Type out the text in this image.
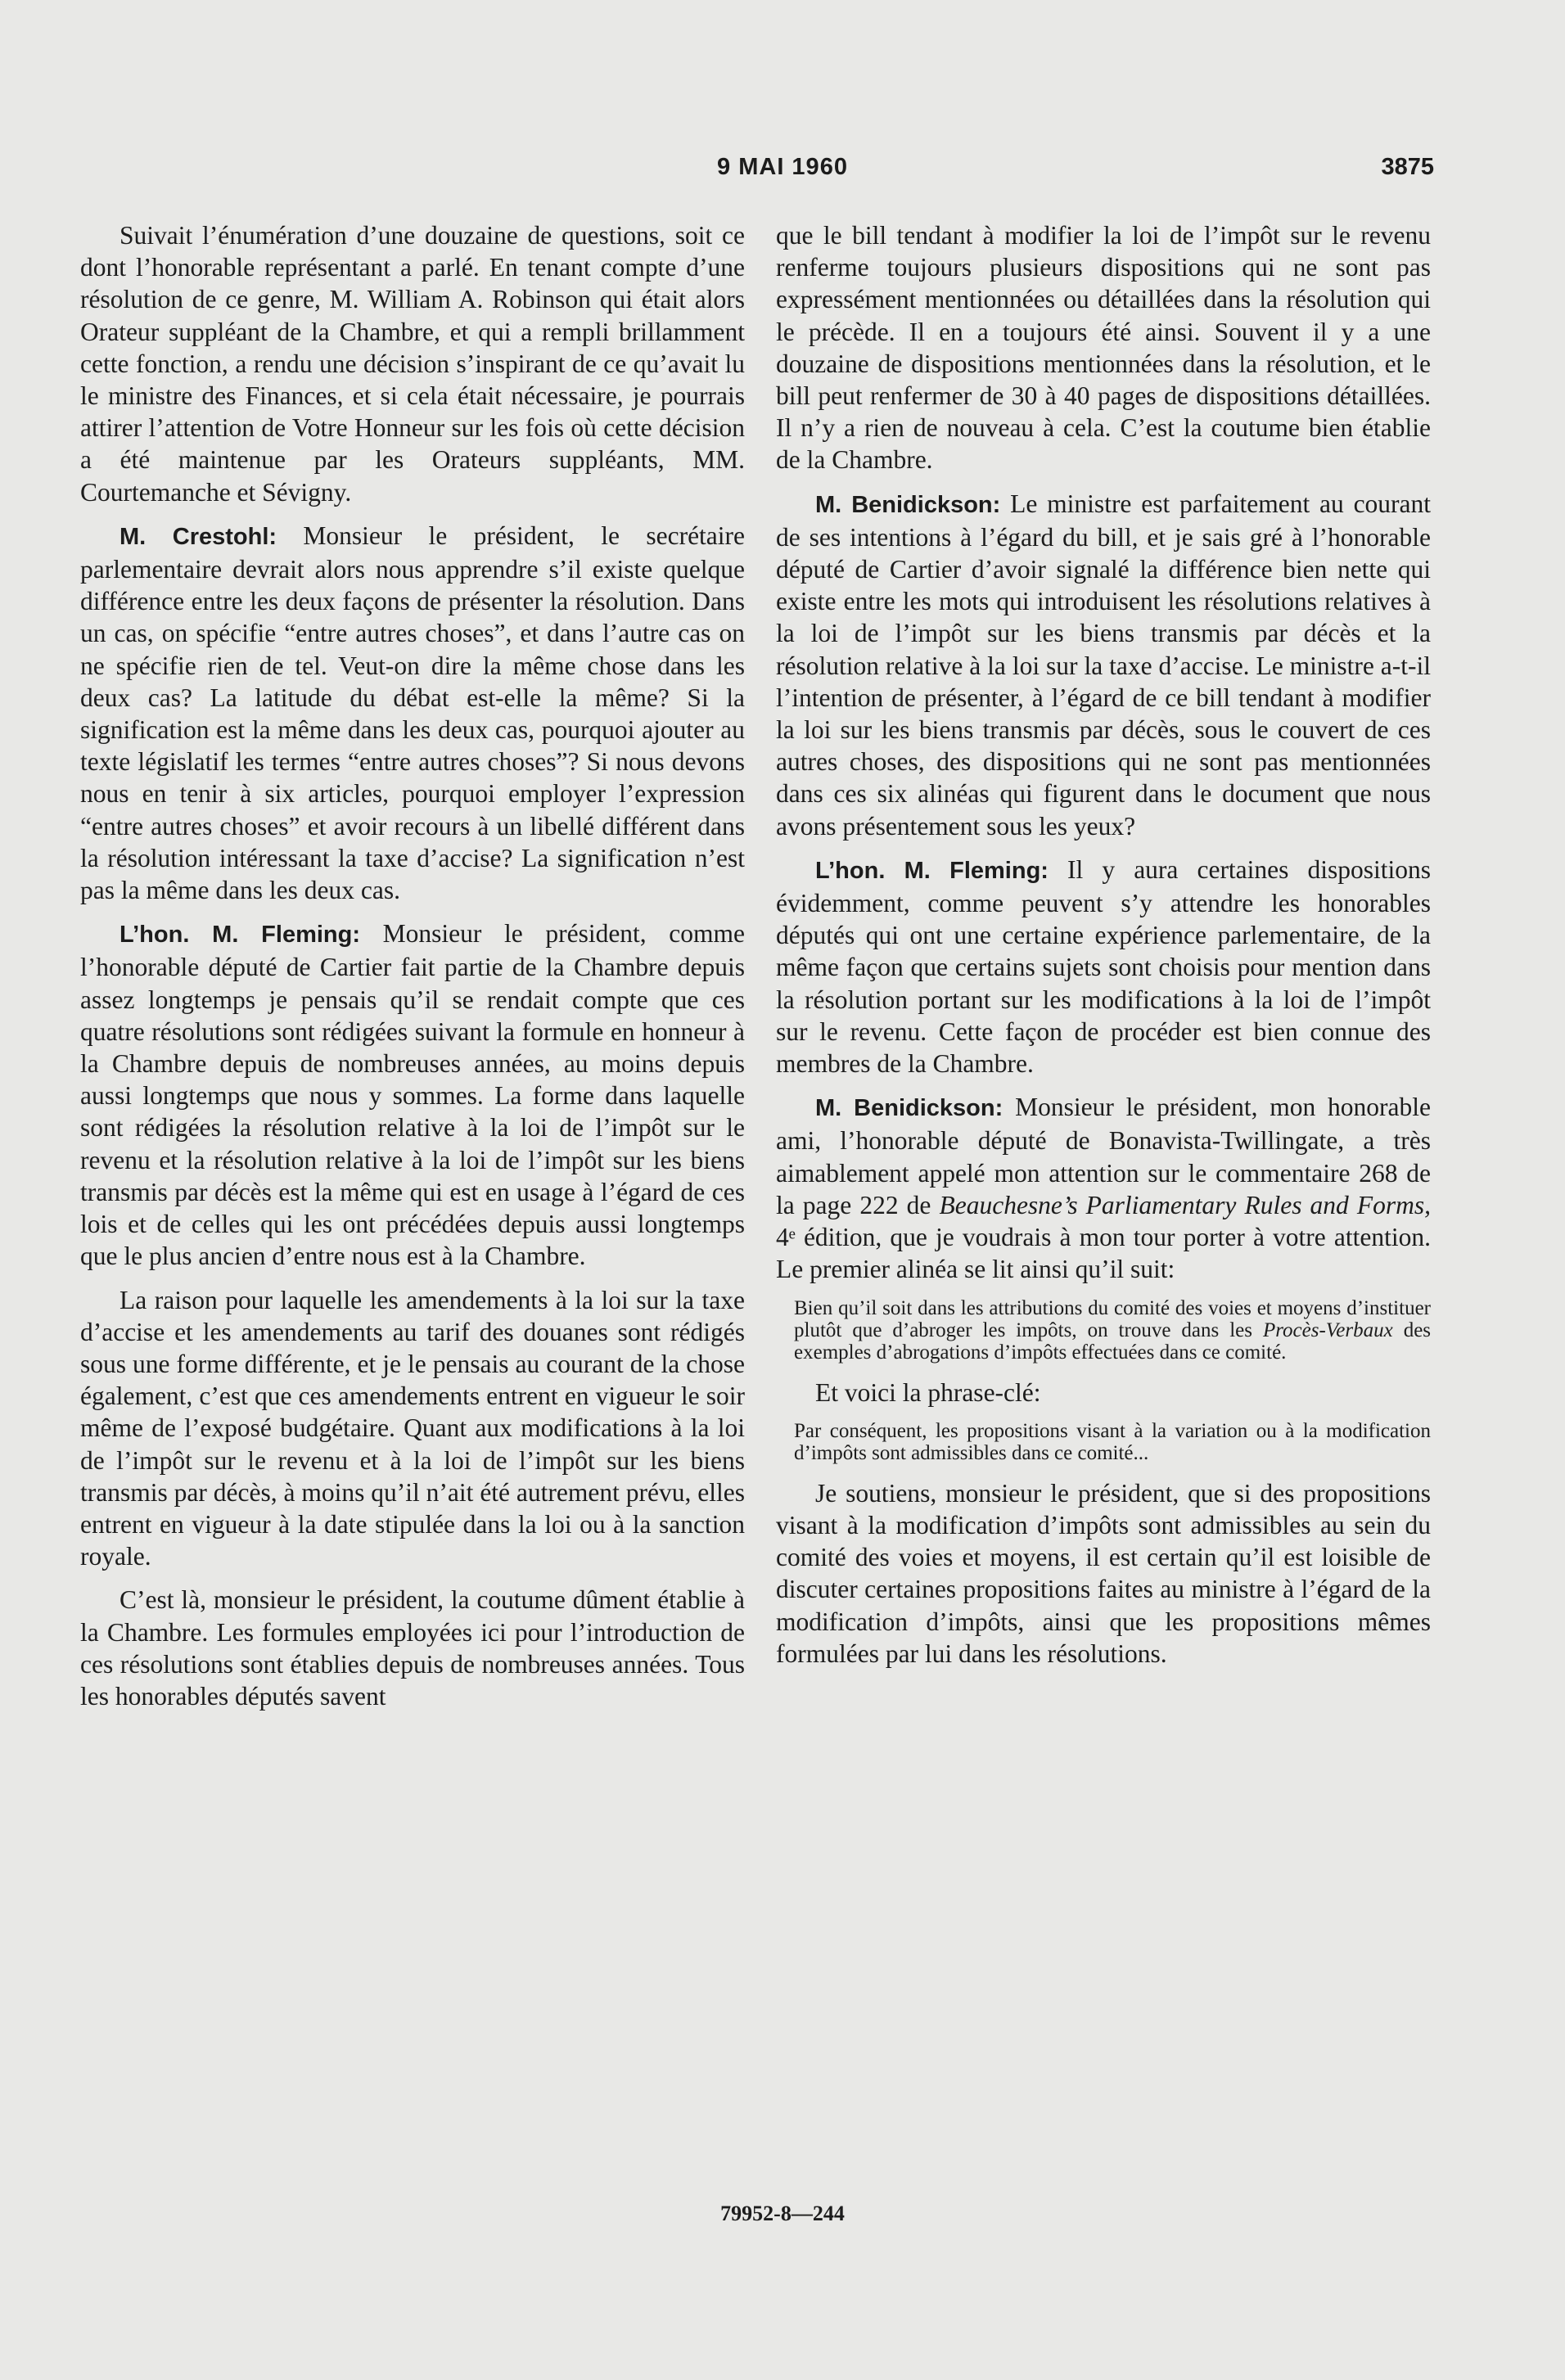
9 MAI 1960	3875

Suivait l’énumération d’une douzaine de questions, soit ce dont l’honorable représentant a parlé. En tenant compte d’une résolution de ce genre, M. William A. Robinson qui était alors Orateur suppléant de la Chambre, et qui a rempli brillamment cette fonction, a rendu une décision s’inspirant de ce qu’avait lu le ministre des Finances, et si cela était nécessaire, je pourrais attirer l’attention de Votre Honneur sur les fois où cette décision a été maintenue par les Orateurs suppléants, MM. Courtemanche et Sévigny.

M. Crestohl: Monsieur le président, le secrétaire parlementaire devrait alors nous apprendre s’il existe quelque différence entre les deux façons de présenter la résolution. Dans un cas, on spécifie “entre autres choses”, et dans l’autre cas on ne spécifie rien de tel. Veut-on dire la même chose dans les deux cas? La latitude du débat est-elle la même? Si la signification est la même dans les deux cas, pourquoi ajouter au texte législatif les termes “entre autres choses”? Si nous devons nous en tenir à six articles, pourquoi employer l’expression “entre autres choses” et avoir recours à un libellé différent dans la résolution intéressant la taxe d’accise? La signification n’est pas la même dans les deux cas.

L’hon. M. Fleming: Monsieur le président, comme l’honorable député de Cartier fait partie de la Chambre depuis assez longtemps je pensais qu’il se rendait compte que ces quatre résolutions sont rédigées suivant la formule en honneur à la Chambre depuis de nombreuses années, au moins depuis aussi longtemps que nous y sommes. La forme dans laquelle sont rédigées la résolution relative à la loi de l’impôt sur le revenu et la résolution relative à la loi de l’impôt sur les biens transmis par décès est la même qui est en usage à l’égard de ces lois et de celles qui les ont précédées depuis aussi longtemps que le plus ancien d’entre nous est à la Chambre.

La raison pour laquelle les amendements à la loi sur la taxe d’accise et les amendements au tarif des douanes sont rédigés sous une forme différente, et je le pensais au courant de la chose également, c’est que ces amendements entrent en vigueur le soir même de l’exposé budgétaire. Quant aux modifications à la loi de l’impôt sur le revenu et à la loi de l’impôt sur les biens transmis par décès, à moins qu’il n’ait été autrement prévu, elles entrent en vigueur à la date stipulée dans la loi ou à la sanction royale.

C’est là, monsieur le président, la coutume dûment établie à la Chambre. Les formules employées ici pour l’introduction de ces résolutions sont établies depuis de nombreuses années. Tous les honorables députés savent

que le bill tendant à modifier la loi de l’impôt sur le revenu renferme toujours plusieurs dispositions qui ne sont pas expressément mentionnées ou détaillées dans la résolution qui le précède. Il en a toujours été ainsi. Souvent il y a une douzaine de dispositions mentionnées dans la résolution, et le bill peut renfermer de 30 à 40 pages de dispositions détaillées. Il n’y a rien de nouveau à cela. C’est la coutume bien établie de la Chambre.

M. Benidickson: Le ministre est parfaitement au courant de ses intentions à l’égard du bill, et je sais gré à l’honorable député de Cartier d’avoir signalé la différence bien nette qui existe entre les mots qui introduisent les résolutions relatives à la loi de l’impôt sur les biens transmis par décès et la résolution relative à la loi sur la taxe d’accise. Le ministre a-t-il l’intention de présenter, à l’égard de ce bill tendant à modifier la loi sur les biens transmis par décès, sous le couvert de ces autres choses, des dispositions qui ne sont pas mentionnées dans ces six alinéas qui figurent dans le document que nous avons présentement sous les yeux?

L’hon. M. Fleming: Il y aura certaines dispositions évidemment, comme peuvent s’y attendre les honorables députés qui ont une certaine expérience parlementaire, de la même façon que certains sujets sont choisis pour mention dans la résolution portant sur les modifications à la loi de l’impôt sur le revenu. Cette façon de procéder est bien connue des membres de la Chambre.

M. Benidickson: Monsieur le président, mon honorable ami, l’honorable député de Bonavista-Twillingate, a très aimablement appelé mon attention sur le commentaire 268 de la page 222 de Beauchesne’s Parliamentary Rules and Forms, 4ᵉ édition, que je voudrais à mon tour porter à votre attention. Le premier alinéa se lit ainsi qu’il suit:

Bien qu’il soit dans les attributions du comité des voies et moyens d’instituer plutôt que d’abroger les impôts, on trouve dans les Procès-Verbaux des exemples d’abrogations d’impôts effectuées dans ce comité.

Et voici la phrase-clé:

Par conséquent, les propositions visant à la variation ou à la modification d’impôts sont admissibles dans ce comité...

Je soutiens, monsieur le président, que si des propositions visant à la modification d’impôts sont admissibles au sein du comité des voies et moyens, il est certain qu’il est loisible de discuter certaines propositions faites au ministre à l’égard de la modification d’impôts, ainsi que les propositions mêmes formulées par lui dans les résolutions.

79952-8—244
